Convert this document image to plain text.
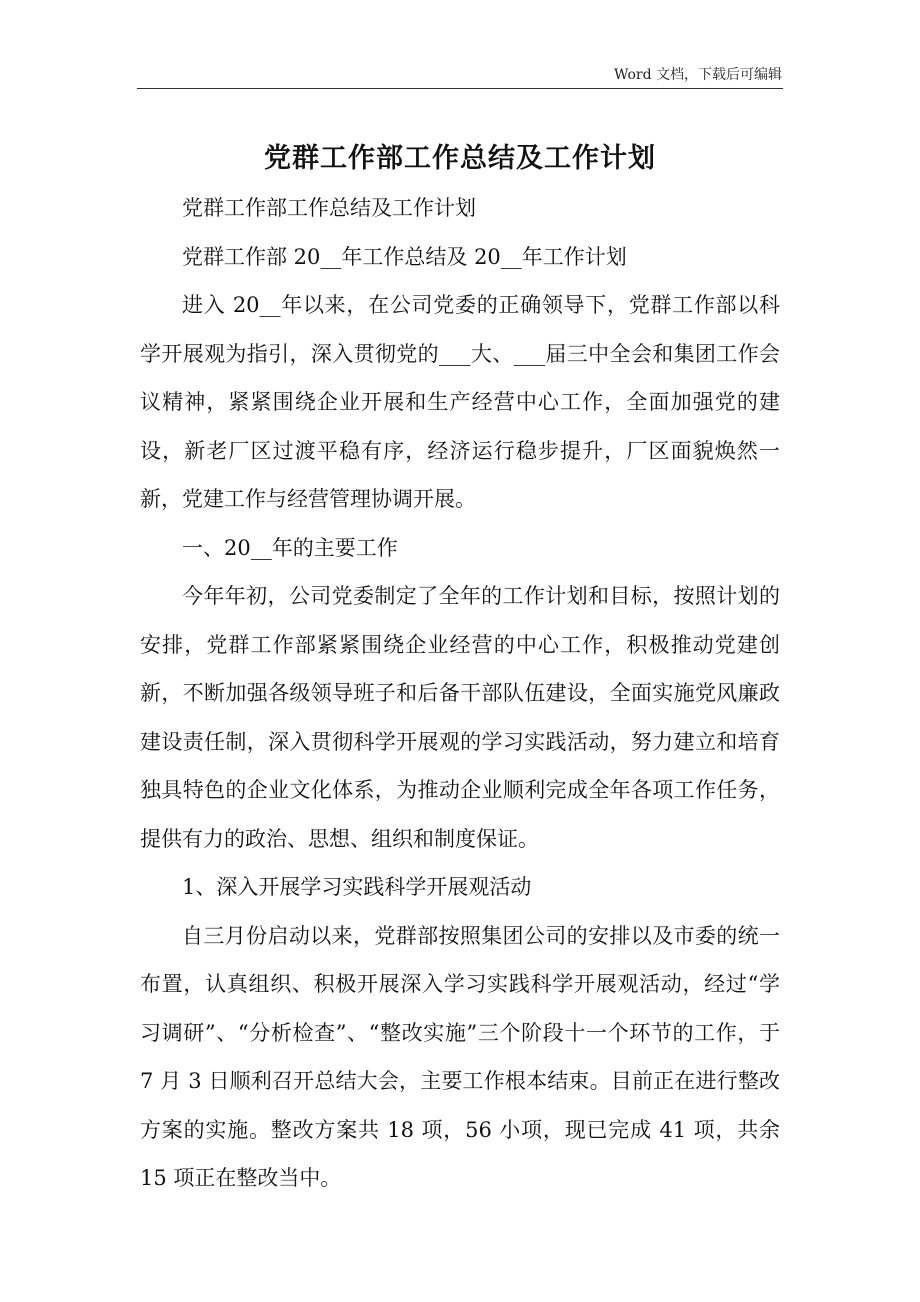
Word 文档，下载后可编辑
党群工作部工作总结及工作计划

党群工作部工作总结及工作计划

党群工作部 20__年工作总结及 20__年工作计划

进入 20__年以来，在公司党委的正确领导下，党群工作部以科学开展观为指引，深入贯彻党的___大、___届三中全会和集团工作会议精神，紧紧围绕企业开展和生产经营中心工作，全面加强党的建设，新老厂区过渡平稳有序，经济运行稳步提升，厂区面貌焕然一新，党建工作与经营管理协调开展。

一、20__年的主要工作

今年年初，公司党委制定了全年的工作计划和目标，按照计划的安排，党群工作部紧紧围绕企业经营的中心工作，积极推动党建创新，不断加强各级领导班子和后备干部队伍建设，全面实施党风廉政建设责任制，深入贯彻科学开展观的学习实践活动，努力建立和培育独具特色的企业文化体系，为推动企业顺利完成全年各项工作任务，提供有力的政治、思想、组织和制度保证。

1、深入开展学习实践科学开展观活动

自三月份启动以来，党群部按照集团公司的安排以及市委的统一布置，认真组织、积极开展深入学习实践科学开展观活动，经过“学习调研”、“分析检查”、“整改实施”三个阶段十一个环节的工作，于 7 月 3 日顺利召开总结大会，主要工作根本结束。目前正在进行整改方案的实施。整改方案共 18 项，56 小项，现已完成 41 项，共余 15 项正在整改当中。
